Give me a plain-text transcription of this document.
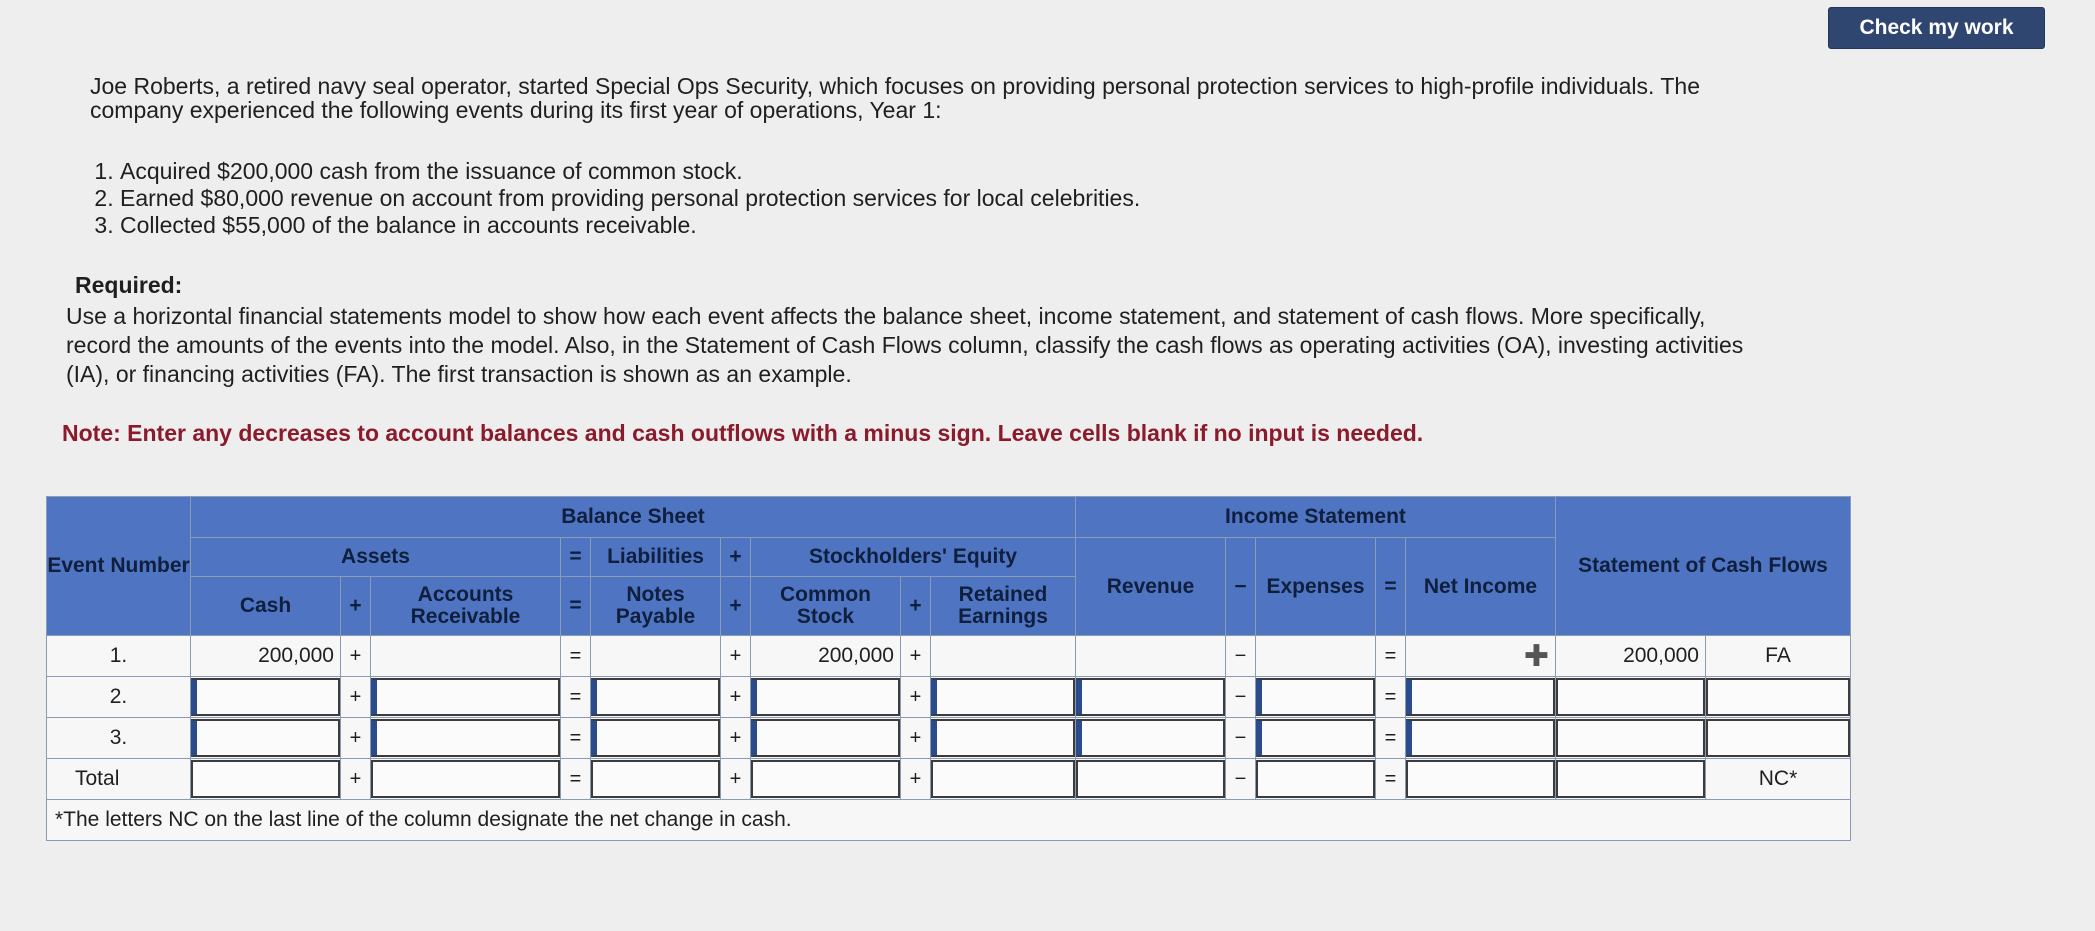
Check my work
Joe Roberts, a retired navy seal operator, started Special Ops Security, which focuses on providing personal protection services to high-profile individuals. The company experienced the following events during its first year of operations, Year 1:
1. Acquired $200,000 cash from the issuance of common stock.
2. Earned $80,000 revenue on account from providing personal protection services for local celebrities.
3. Collected $55,000 of the balance in accounts receivable.
Required:
Use a horizontal financial statements model to show how each event affects the balance sheet, income statement, and statement of cash flows. More specifically, record the amounts of the events into the model. Also, in the Statement of Cash Flows column, classify the cash flows as operating activities (OA), investing activities (IA), or financing activities (FA). The first transaction is shown as an example.
Note: Enter any decreases to account balances and cash outflows with a minus sign. Leave cells blank if no input is needed.
Event Number	Balance Sheet									Income Statement					Statement of Cash Flows	
	Assets			=	Liabilities	+	Stockholders' Equity			Revenue	−	Expenses	=	Net Income		
	Cash	+	Accounts Receivable	=	Notes Payable	+	Common Stock	+	Retained Earnings							
1.	200,000	+		=		+	200,000	+			−		=	✚	200,000	FA
2.		+		=		+		+			−		=			
3.		+		=		+		+			−		=			
Total		+		=		+		+			−		=			NC*
*The letters NC on the last line of the column designate the net change in cash.																
